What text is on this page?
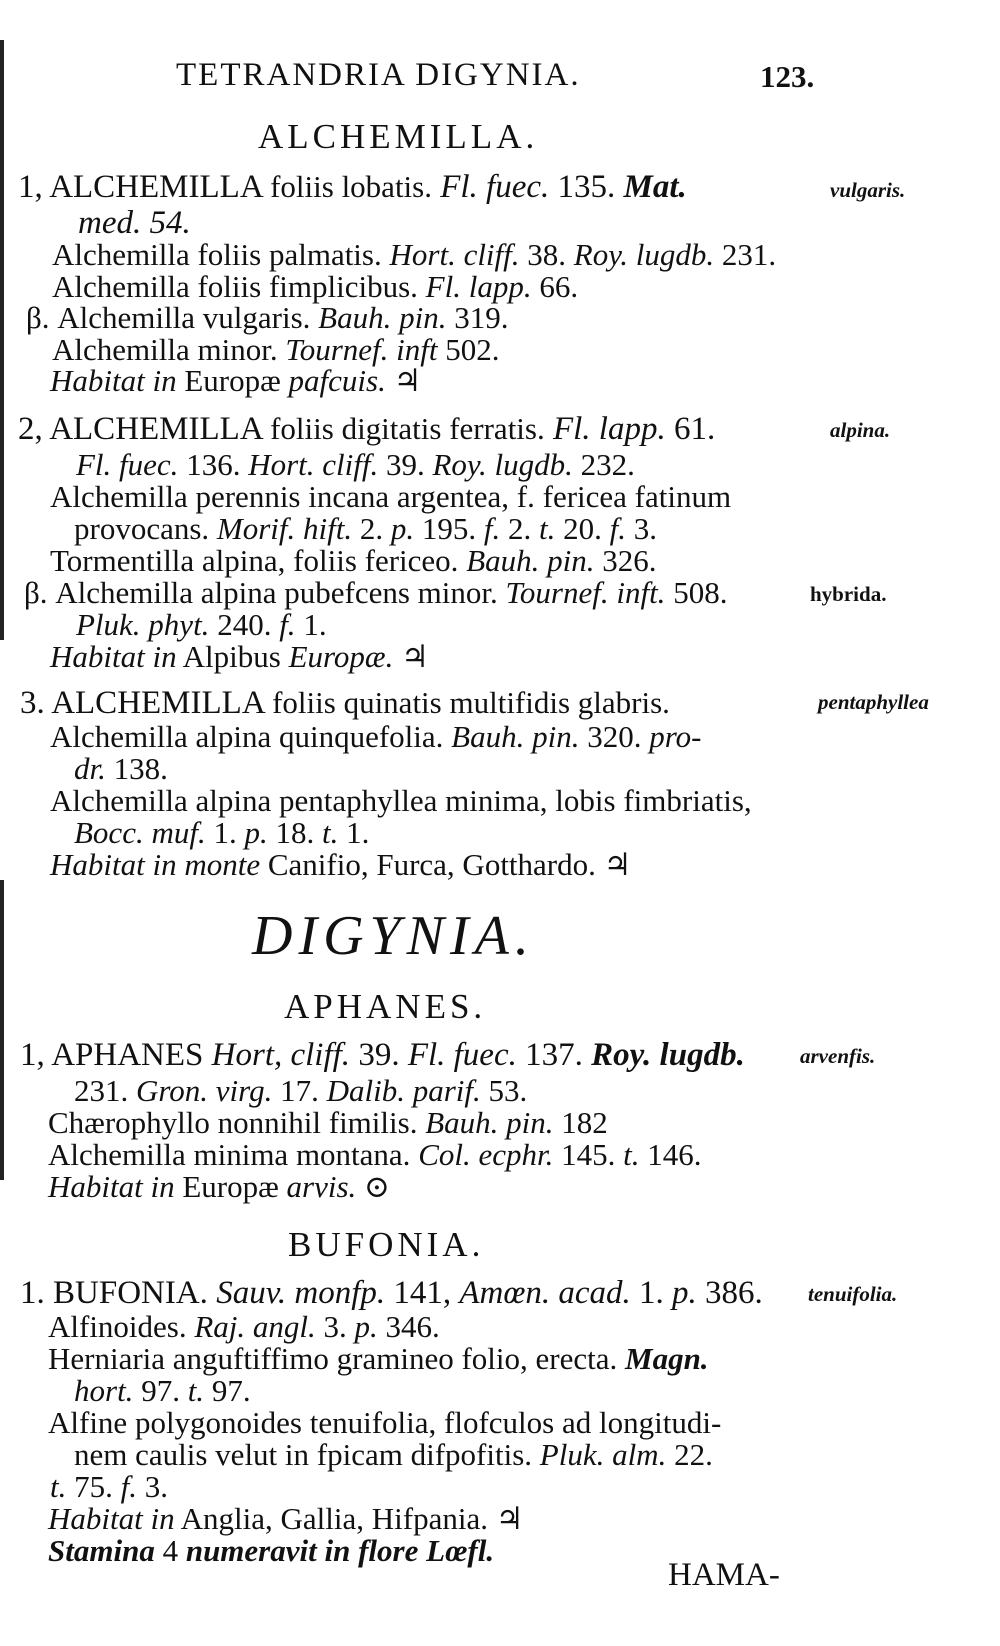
TETRANDRIA DIGYNIA.	123.
ALCHEMILLA.
1, ALCHEMILLA foliis lobatis. Fl. fuec. 135. Mat.	vulgaris.
med. 54.
Alchemilla foliis palmatis. Hort. cliff. 38. Roy. lugdb. 231.
Alchemilla foliis fimplicibus. Fl. lapp. 66.
β. Alchemilla vulgaris. Bauh. pin. 319.
Alchemilla minor. Tournef. inft 502.
Habitat in Europæ pafcuis. ♃
2, ALCHEMILLA foliis digitatis ferratis. Fl. lapp. 61.	alpina.
Fl. fuec. 136. Hort. cliff. 39. Roy. lugdb. 232.
Alchemilla perennis incana argentea, f. fericea fatinum
provocans. Morif. hift. 2. p. 195. f. 2. t. 20. f. 3.
Tormentilla alpina, foliis fericeo. Bauh. pin. 326.
β. Alchemilla alpina pubefcens minor. Tournef. inft. 508.	hybrida.
Pluk. phyt. 240. f. 1.
Habitat in Alpibus Europæ. ♃
3. ALCHEMILLA foliis quinatis multifidis glabris.	pentaphyllea
Alchemilla alpina quinquefolia. Bauh. pin. 320. pro-
dr. 138.
Alchemilla alpina pentaphyllea minima, lobis fimbriatis,
Bocc. muf. 1. p. 18. t. 1.
Habitat in monte Canifio, Furca, Gotthardo. ♃
DIGYNIA.
APHANES.
1, APHANES Hort, cliff. 39. Fl. fuec. 137. Roy. lugdb.	arvenfis.
231. Gron. virg. 17. Dalib. parif. 53.
Chærophyllo nonnihil fimilis. Bauh. pin. 182
Alchemilla minima montana. Col. ecphr. 145. t. 146.
Habitat in Europæ arvis. ⊙
BUFONIA.
1. BUFONIA. Sauv. monfp. 141, Amœn. acad. 1. p. 386. tenuifolia.
Alfinoides. Raj. angl. 3. p. 346.
Herniaria anguftiffimo gramineo folio, erecta. Magn.
hort. 97. t. 97.
Alfine polygonoides tenuifolia, flofculos ad longitudi-
nem caulis velut in fpicam difpofitis. Pluk. alm. 22.
t. 75. f. 3.
Habitat in Anglia, Gallia, Hifpania. ♃
Stamina 4 numeravit in flore Lœfl.
HAMA-
